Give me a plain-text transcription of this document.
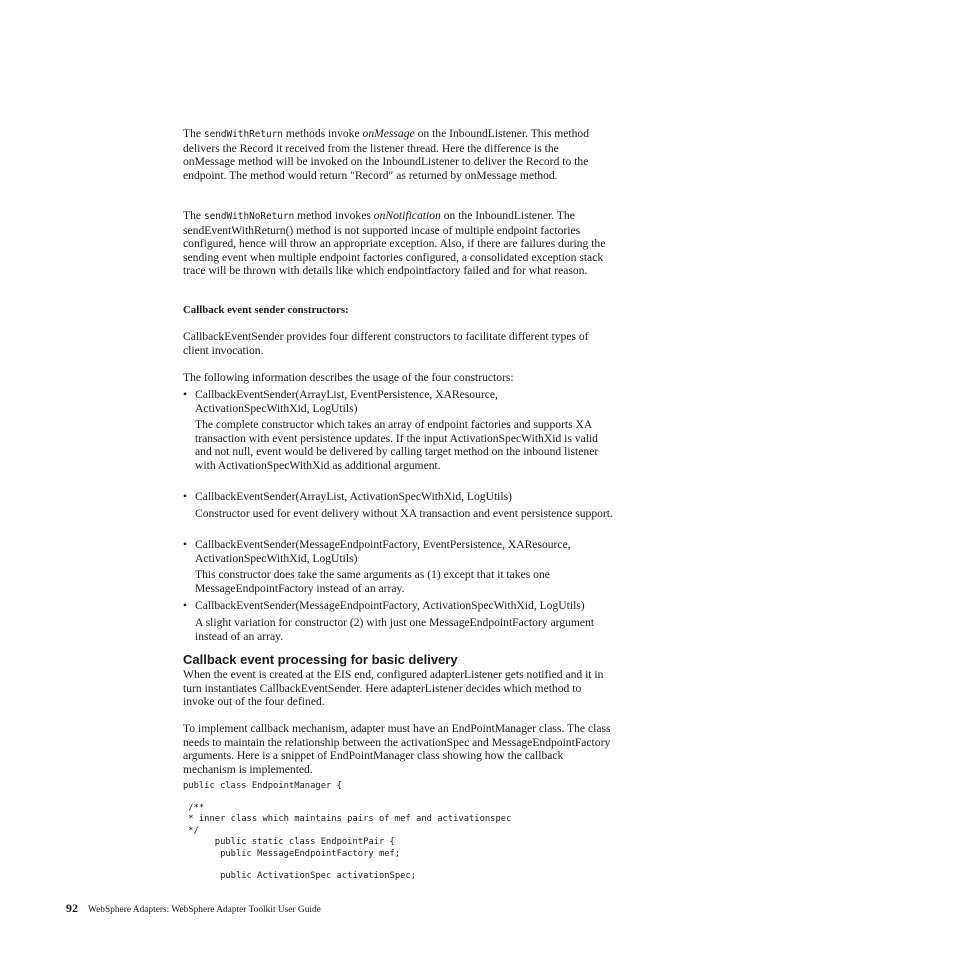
The sendWithReturn methods invoke onMessage on the InboundListener. This method delivers the Record it received from the listener thread. Here the difference is the onMessage method will be invoked on the InboundListener to deliver the Record to the endpoint. The method would return ″Record″ as returned by onMessage method.

The sendWithNoReturn method invokes onNotification on the InboundListener. The sendEventWithReturn() method is not supported incase of multiple endpoint factories configured, hence will throw an appropriate exception. Also, if there are failures during the sending event when multiple endpoint factories configured, a consolidated exception stack trace will be thrown with details like which endpointfactory failed and for what reason.

Callback event sender constructors:
CallbackEventSender provides four different constructors to facilitate different types of client invocation.
The following information describes the usage of the four constructors:
• CallbackEventSender(ArrayList, EventPersistence, XAResource, ActivationSpecWithXid, LogUtils)
The complete constructor which takes an array of endpoint factories and supports XA transaction with event persistence updates. If the input ActivationSpecWithXid is valid and not null, event would be delivered by calling target method on the inbound listener with ActivationSpecWithXid as additional argument.
• CallbackEventSender(ArrayList, ActivationSpecWithXid, LogUtils)
Constructor used for event delivery without XA transaction and event persistence support.
• CallbackEventSender(MessageEndpointFactory, EventPersistence, XAResource, ActivationSpecWithXid, LogUtils)
This constructor does take the same arguments as (1) except that it takes one MessageEndpointFactory instead of an array.
• CallbackEventSender(MessageEndpointFactory, ActivationSpecWithXid, LogUtils)
A slight variation for constructor (2) with just one MessageEndpointFactory argument instead of an array.
Callback event processing for basic delivery
When the event is created at the EIS end, configured adapterListener gets notified and it in turn instantiates CallbackEventSender. Here adapterListener decides which method to invoke out of the four defined.
To implement callback mechanism, adapter must have an EndPointManager class. The class needs to maintain the relationship between the activationSpec and MessageEndpointFactory arguments. Here is a snippet of EndPointManager class showing how the callback mechanism is implemented.
public class EndpointManager {
/**
* inner class which maintains pairs of mef and activationspec
*/
public static class EndpointPair {
public MessageEndpointFactory mef;

public ActivationSpec activationSpec;
92 WebSphere Adapters: WebSphere Adapter Toolkit User Guide
